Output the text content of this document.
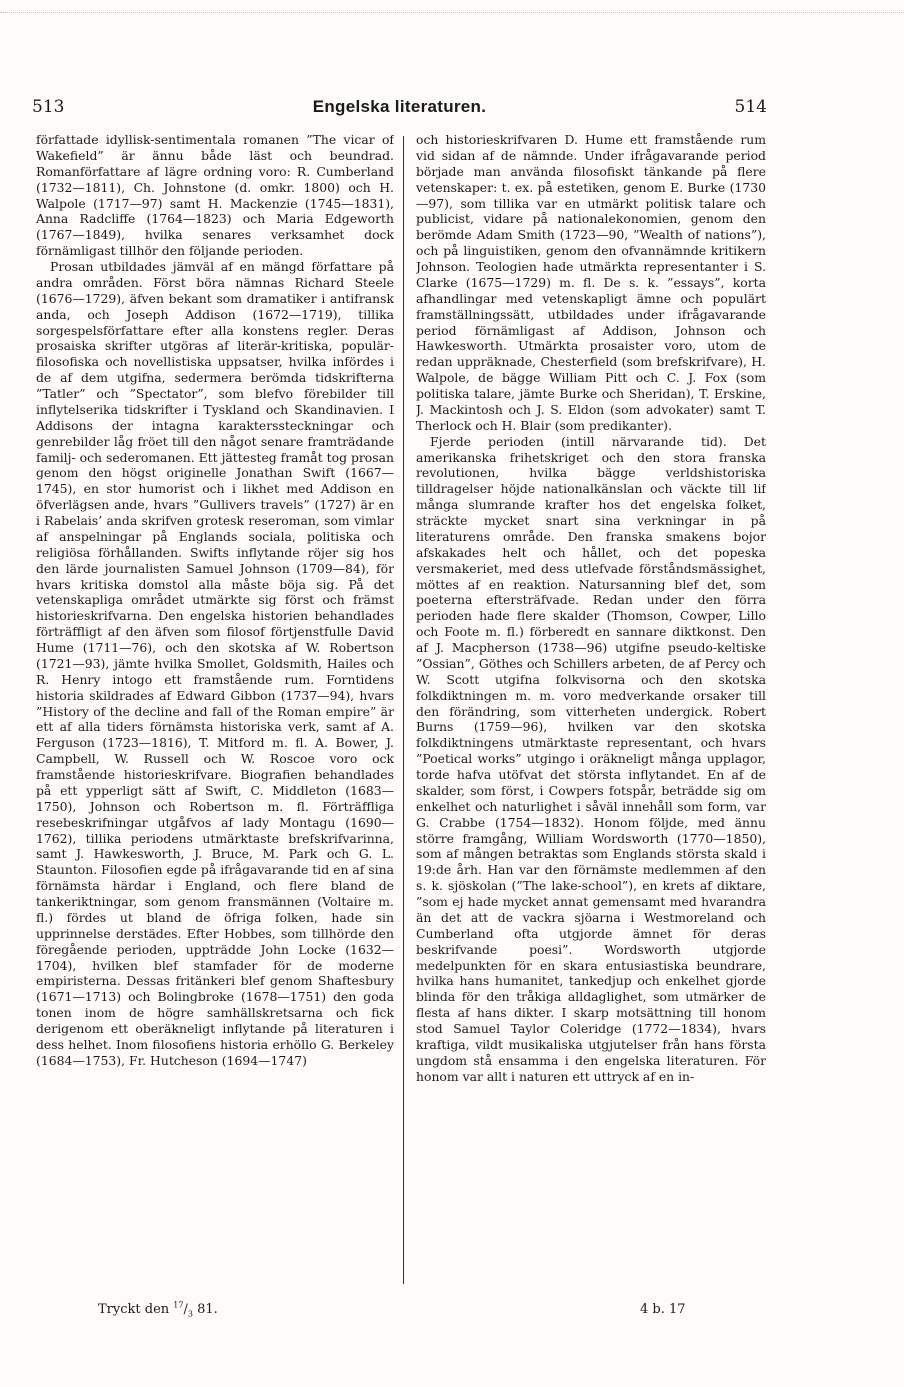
513	Engelska literaturen.	514

författade idyllisk-sentimentala romanen ”The vicar of Wakefield” är ännu både läst och beundrad. Romanförfattare af lägre ordning voro: R. Cumberland (1732—1811), Ch. Johnstone (d. omkr. 1800) och H. Walpole (1717—97) samt H. Mackenzie (1745—1831), Anna Radcliffe (1764—1823) och Maria Edgeworth (1767—1849), hvilka senares verksamhet dock förnämligast tillhör den följande perioden.

Prosan utbildades jämväl af en mängd författare på andra områden. Först böra nämnas Richard Steele (1676—1729), äfven bekant som dramatiker i antifransk anda, och Joseph Addison (1672—1719), tillika sorgespelsförfattare efter alla konstens regler. Deras prosaiska skrifter utgöras af literär-kritiska, populär-filosofiska och novellistiska uppsatser, hvilka infördes i de af dem utgifna, sedermera berömda tidskrifterna ”Tatler” och ”Spectator”, som blefvo förebilder till inflytelserika tidskrifter i Tyskland och Skandinavien. I Addisons der intagna karakterssteckningar och genrebilder låg fröet till den något senare framträdande familj- och sederomanen. Ett jättesteg framåt tog prosan genom den högst originelle Jonathan Swift (1667—1745), en stor humorist och i likhet med Addison en öfverlägsen ande, hvars ”Gullivers travels” (1727) är en i Rabelais’ anda skrifven grotesk reseroman, som vimlar af anspelningar på Englands sociala, politiska och religiösa förhållanden. Swifts inflytande röjer sig hos den lärde journalisten Samuel Johnson (1709—84), för hvars kritiska domstol alla måste böja sig. På det vetenskapliga området utmärkte sig först och främst historieskrifvarna. Den engelska historien behandlades förträffligt af den äfven som filosof förtjenstfulle David Hume (1711—76), och den skotska af W. Robertson (1721—93), jämte hvilka Smollet, Goldsmith, Hailes och R. Henry intogo ett framstående rum. Forntidens historia skildrades af Edward Gibbon (1737—94), hvars ”History of the decline and fall of the Roman empire” är ett af alla tiders förnämsta historiska verk, samt af A. Ferguson (1723—1816), T. Mitford m. fl. A. Bower, J. Campbell, W. Russell och W. Roscoe voro ock framstående historieskrifvare. Biografien behandlades på ett ypperligt sätt af Swift, C. Middleton (1683—1750), Johnson och Robertson m. fl. Förträffliga resebeskrifningar utgåfvos af lady Montagu (1690—1762), tillika periodens utmärktaste brefskrifvarinna, samt J. Hawkesworth, J. Bruce, M. Park och G. L. Staunton. Filosofien egde på ifrågavarande tid en af sina förnämsta härdar i England, och flere bland de tankeriktningar, som genom fransmännen (Voltaire m. fl.) fördes ut bland de öfriga folken, hade sin upprinnelse derstädes. Efter Hobbes, som tillhörde den föregående perioden, uppträdde John Locke (1632—1704), hvilken blef stamfader för de moderne empiristerna. Dessas fritänkeri blef genom Shaftesbury (1671—1713) och Bolingbroke (1678—1751) den goda tonen inom de högre samhällskretsarna och fick derigenom ett oberäkneligt inflytande på literaturen i dess helhet. Inom filosofiens historia erhöllo G. Berkeley (1684—1753), Fr. Hutcheson (1694—1747)

och historieskrifvaren D. Hume ett framstående rum vid sidan af de nämnde. Under ifrågavarande period började man använda filosofiskt tänkande på flere vetenskaper: t. ex. på estetiken, genom E. Burke (1730—97), som tillika var en utmärkt politisk talare och publicist, vidare på nationalekonomien, genom den berömde Adam Smith (1723—90, ”Wealth of nations”), och på linguistiken, genom den ofvannämnde kritikern Johnson. Teologien hade utmärkta representanter i S. Clarke (1675—1729) m. fl. De s. k. ”essays”, korta afhandlingar med vetenskapligt ämne och populärt framställningssätt, utbildades under ifrågavarande period förnämligast af Addison, Johnson och Hawkesworth. Utmärkta prosaister voro, utom de redan uppräknade, Chesterfield (som brefskrifvare), H. Walpole, de bägge William Pitt och C. J. Fox (som politiska talare, jämte Burke och Sheridan), T. Erskine, J. Mackintosh och J. S. Eldon (som advokater) samt T. Therlock och H. Blair (som predikanter).

Fjerde perioden (intill närvarande tid). Det amerikanska frihetskriget och den stora franska revolutionen, hvilka bägge verldshistoriska tilldragelser höjde nationalkänslan och väckte till lif många slumrande krafter hos det engelska folket, sträckte mycket snart sina verkningar in på literaturens område. Den franska smakens bojor afskakades helt och hållet, och det popeska versmakeriet, med dess utlefvade förståndsmässighet, möttes af en reaktion. Natursanning blef det, som poeterna eftersträfvade. Redan under den förra perioden hade flere skalder (Thomson, Cowper, Lillo och Foote m. fl.) förberedt en sannare diktkonst. Den af J. Macpherson (1738—96) utgifne pseudo-keltiske ”Ossian”, Göthes och Schillers arbeten, de af Percy och W. Scott utgifna folkvisorna och den skotska folkdiktningen m. m. voro medverkande orsaker till den förändring, som vitterheten undergick. Robert Burns (1759—96), hvilken var den skotska folkdiktningens utmärktaste representant, och hvars ”Poetical works” utgingo i oräkneligt många upplagor, torde hafva utöfvat det största inflytandet. En af de skalder, som först, i Cowpers fotspår, beträdde sig om enkelhet och naturlighet i såväl innehåll som form, var G. Crabbe (1754—1832). Honom följde, med ännu större framgång, William Wordsworth (1770—1850), som af mången betraktas som Englands största skald i 19:de årh. Han var den förnämste medlemmen af den s. k. sjöskolan (”The lake-school”), en krets af diktare, ”som ej hade mycket annat gemensamt med hvarandra än det att de vackra sjöarna i Westmoreland och Cumberland ofta utgjorde ämnet för deras beskrifvande poesi”. Wordsworth utgjorde medelpunkten för en skara entusiastiska beundrare, hvilka hans humanitet, tankedjup och enkelhet gjorde blinda för den tråkiga alldaglighet, som utmärker de flesta af hans dikter. I skarp motsättning till honom stod Samuel Taylor Coleridge (1772—1834), hvars kraftiga, vildt musikaliska utgjutelser från hans första ungdom stå ensamma i den engelska literaturen. För honom var allt i naturen ett uttryck af en in-

Tryckt den $^{17}/_3$ 81.	4 b. 17
